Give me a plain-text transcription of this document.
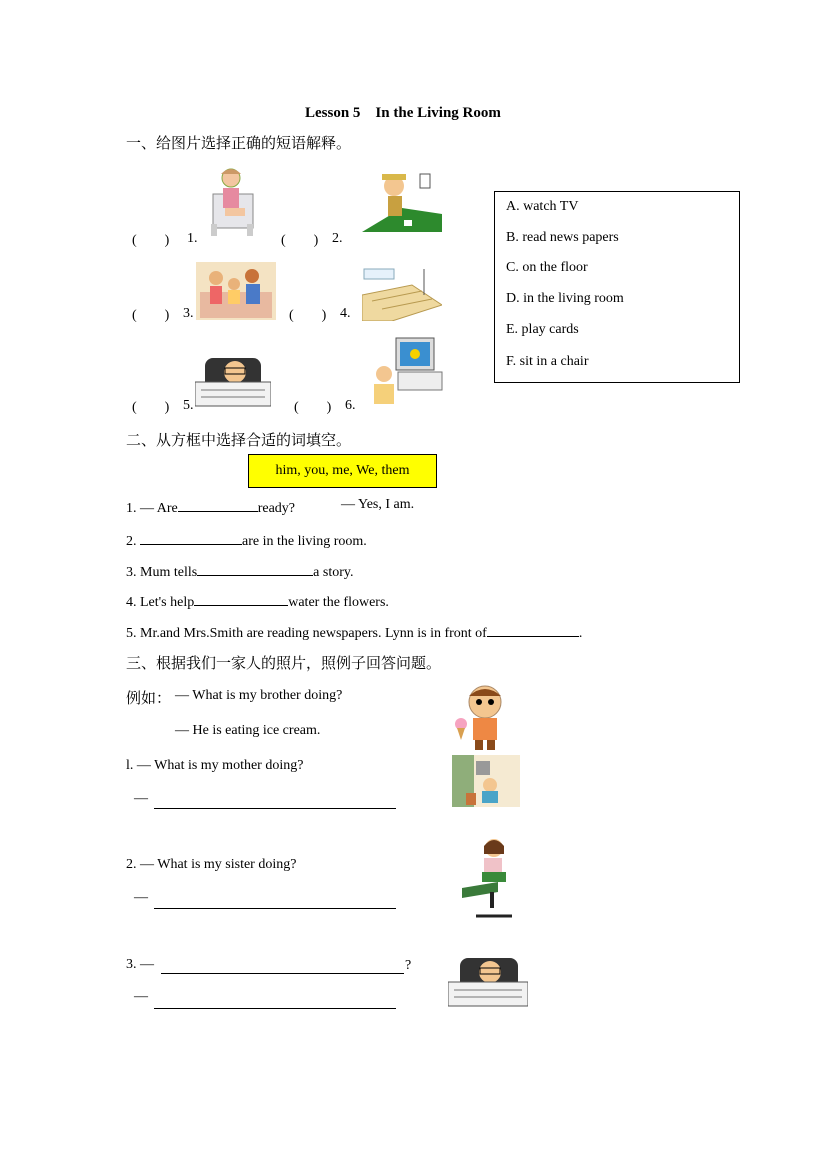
Lesson 5　In the Living Room
一、给图片选择正确的短语解释。
(　　) 1.	(　　) 2.
(　　) 3.	(　　) 4.
(　　) 5.	(　　) 6.
A. watch TV
B. read news papers
C. on the floor
D. in the living room
E. play cards
F. sit in a chair
二、从方框中选择合适的词填空。
him, you, me, We, them
1. — Are	ready?	— Yes, I am.
2.	are in the living room.
3. Mum tells	a story.
4. Let's help	water the flowers.
5. Mr.and Mrs.Smith are reading newspapers. Lynn is in front of	.
三、根据我们一家人的照片，照例子回答问题。
例如： — What is my brother doing?
— He is eating ice cream.
l. — What is my mother doing?
—
2. — What is my sister doing?
—
3. —	?
—
